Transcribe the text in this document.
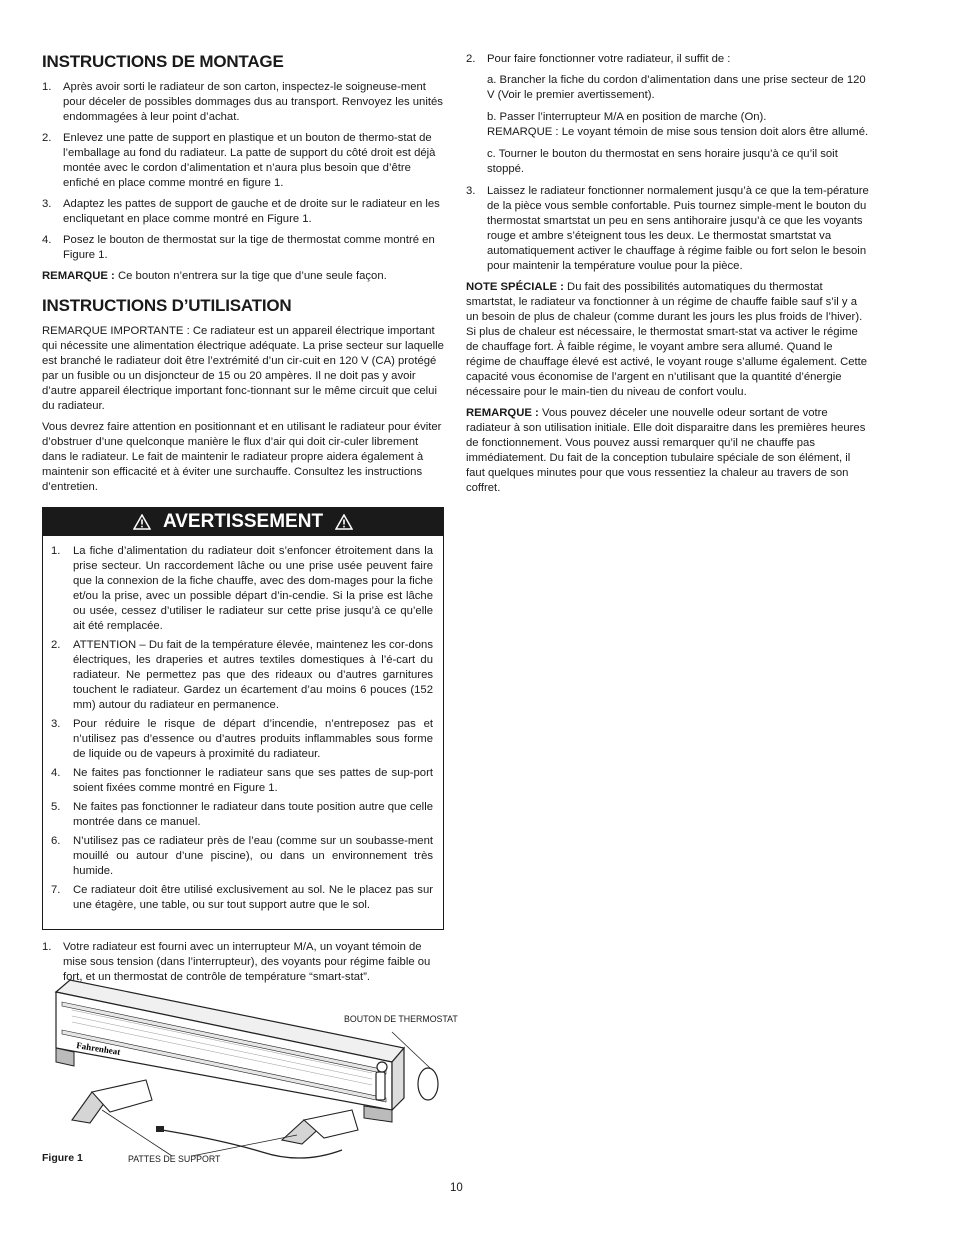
INSTRUCTIONS DE MONTAGE
1. Après avoir sorti le radiateur de son carton, inspectez-le soigneuse-ment pour déceler de possibles dommages dus au transport. Renvoyez les unités endommagées à leur point d’achat.
2. Enlevez une patte de support en plastique et un bouton de thermo-stat de l’emballage au fond du radiateur. La patte de support du côté droit est déjà montée avec le cordon d’alimentation et n’aura plus besoin que d’être enfiché en place comme montré en figure 1.
3. Adaptez les pattes de support de gauche et de droite sur le radiateur en les encliquetant en place comme montré en Figure 1.
4. Posez le bouton de thermostat sur la tige de thermostat comme montré en Figure 1.

REMARQUE : Ce bouton n’entrera sur la tige que d’une seule façon.

INSTRUCTIONS D’UTILISATION

REMARQUE IMPORTANTE : Ce radiateur est un appareil électrique important qui nécessite une alimentation électrique adéquate. La prise secteur sur laquelle est branché le radiateur doit être l’extrémité d’un cir-cuit en 120 V (CA) protégé par un fusible ou un disjoncteur de 15 ou 20 ampères. Il ne doit pas y avoir d’autre appareil électrique important fonc-tionnant sur le même circuit que celui du radiateur.

Vous devrez faire attention en positionnant et en utilisant le radiateur pour éviter d’obstruer d’une quelconque manière le flux d’air qui doit cir-culer librement dans le radiateur. Le fait de maintenir le radiateur propre aidera également à maintenir son efficacité et à éviter une surchauffe. Consultez les instructions d’entretien.

AVERTISSEMENT
1. La fiche d’alimentation du radiateur doit s’enfoncer étroitement dans la prise secteur. Un raccordement lâche ou une prise usée peuvent faire que la connexion de la fiche chauffe, avec des dom-mages pour la fiche et/ou la prise, avec un possible départ d’in-cendie. Si la prise est lâche ou usée, cessez d’utiliser le radiateur sur cette prise jusqu’à ce qu’elle ait été remplacée.
2. ATTENTION – Du fait de la température élevée, maintenez les cor-dons électriques, les draperies et autres textiles domestiques à l’é-cart du radiateur. Ne permettez pas que des rideaux ou d’autres garnitures touchent le radiateur. Gardez un écartement d’au moins 6 pouces (152 mm) autour du radiateur en permanence.
3. Pour réduire le risque de départ d’incendie, n’entreposez pas et n’utilisez pas d’essence ou d’autres produits inflammables sous forme de liquide ou de vapeurs à proximité du radiateur.
4. Ne faites pas fonctionner le radiateur sans que ses pattes de sup-port soient fixées comme montré en Figure 1.
5. Ne faites pas fonctionner le radiateur dans toute position autre que celle montrée dans ce manuel.
6. N’utilisez pas ce radiateur près de l’eau (comme sur un soubasse-ment mouillé ou autour d’une piscine), ou dans un environnement très humide.
7. Ce radiateur doit être utilisé exclusivement au sol. Ne le placez pas sur une étagère, une table, ou sur tout support autre que le sol.
1. Votre radiateur est fourni avec un interrupteur M/A, un voyant témoin de mise sous tension (dans l’interrupteur), des voyants pour régime faible ou fort, et un thermostat de contrôle de température “smart-stat”.
Fahrenheat
BOUTON DE THERMOSTAT
PATTES DE SUPPORT
Figure 1
2. Pour faire fonctionner votre radiateur, il suffit de :
a. Brancher la fiche du cordon d’alimentation dans une prise secteur de 120 V (Voir le premier avertissement).
b. Passer l’interrupteur M/A en position de marche (On).
REMARQUE : Le voyant témoin de mise sous tension doit alors être allumé.
c. Tourner le bouton du thermostat en sens horaire jusqu’à ce qu’il soit stoppé.
3. Laissez le radiateur fonctionner normalement jusqu’à ce que la tem-pérature de la pièce vous semble confortable. Puis tournez simple-ment le bouton du thermostat smartstat un peu en sens antihoraire jusqu’à ce que les voyants rouge et ambre s’éteignent tous les deux. Le thermostat smartstat va automatiquement activer le chauffage à régime faible ou fort selon le besoin pour maintenir la température voulue pour la pièce.

NOTE SPÉCIALE : Du fait des possibilités automatiques du thermostat smartstat, le radiateur va fonctionner à un régime de chauffe faible sauf s’il y a un besoin de plus de chaleur (comme durant les jours les plus froids de l’hiver). Si plus de chaleur est nécessaire, le thermostat smart-stat va activer le régime de chauffage fort. À faible régime, le voyant ambre sera allumé. Quand le régime de chauffage élevé est activé, le voyant rouge s’allume également. Cette capacité vous économise de l’argent en n’utilisant que la quantité d’énergie nécessaire pour le main-tien du niveau de confort voulu.

REMARQUE : Vous pouvez déceler une nouvelle odeur sortant de votre radiateur à son utilisation initiale. Elle doit disparaitre dans les premières heures de fonctionnement. Vous pouvez aussi remarquer qu’il ne chauffe pas immédiatement. Du fait de la conception tubulaire spéciale de son élément, il faut quelques minutes pour que vous ressentiez la chaleur au travers de son coffret.

10
